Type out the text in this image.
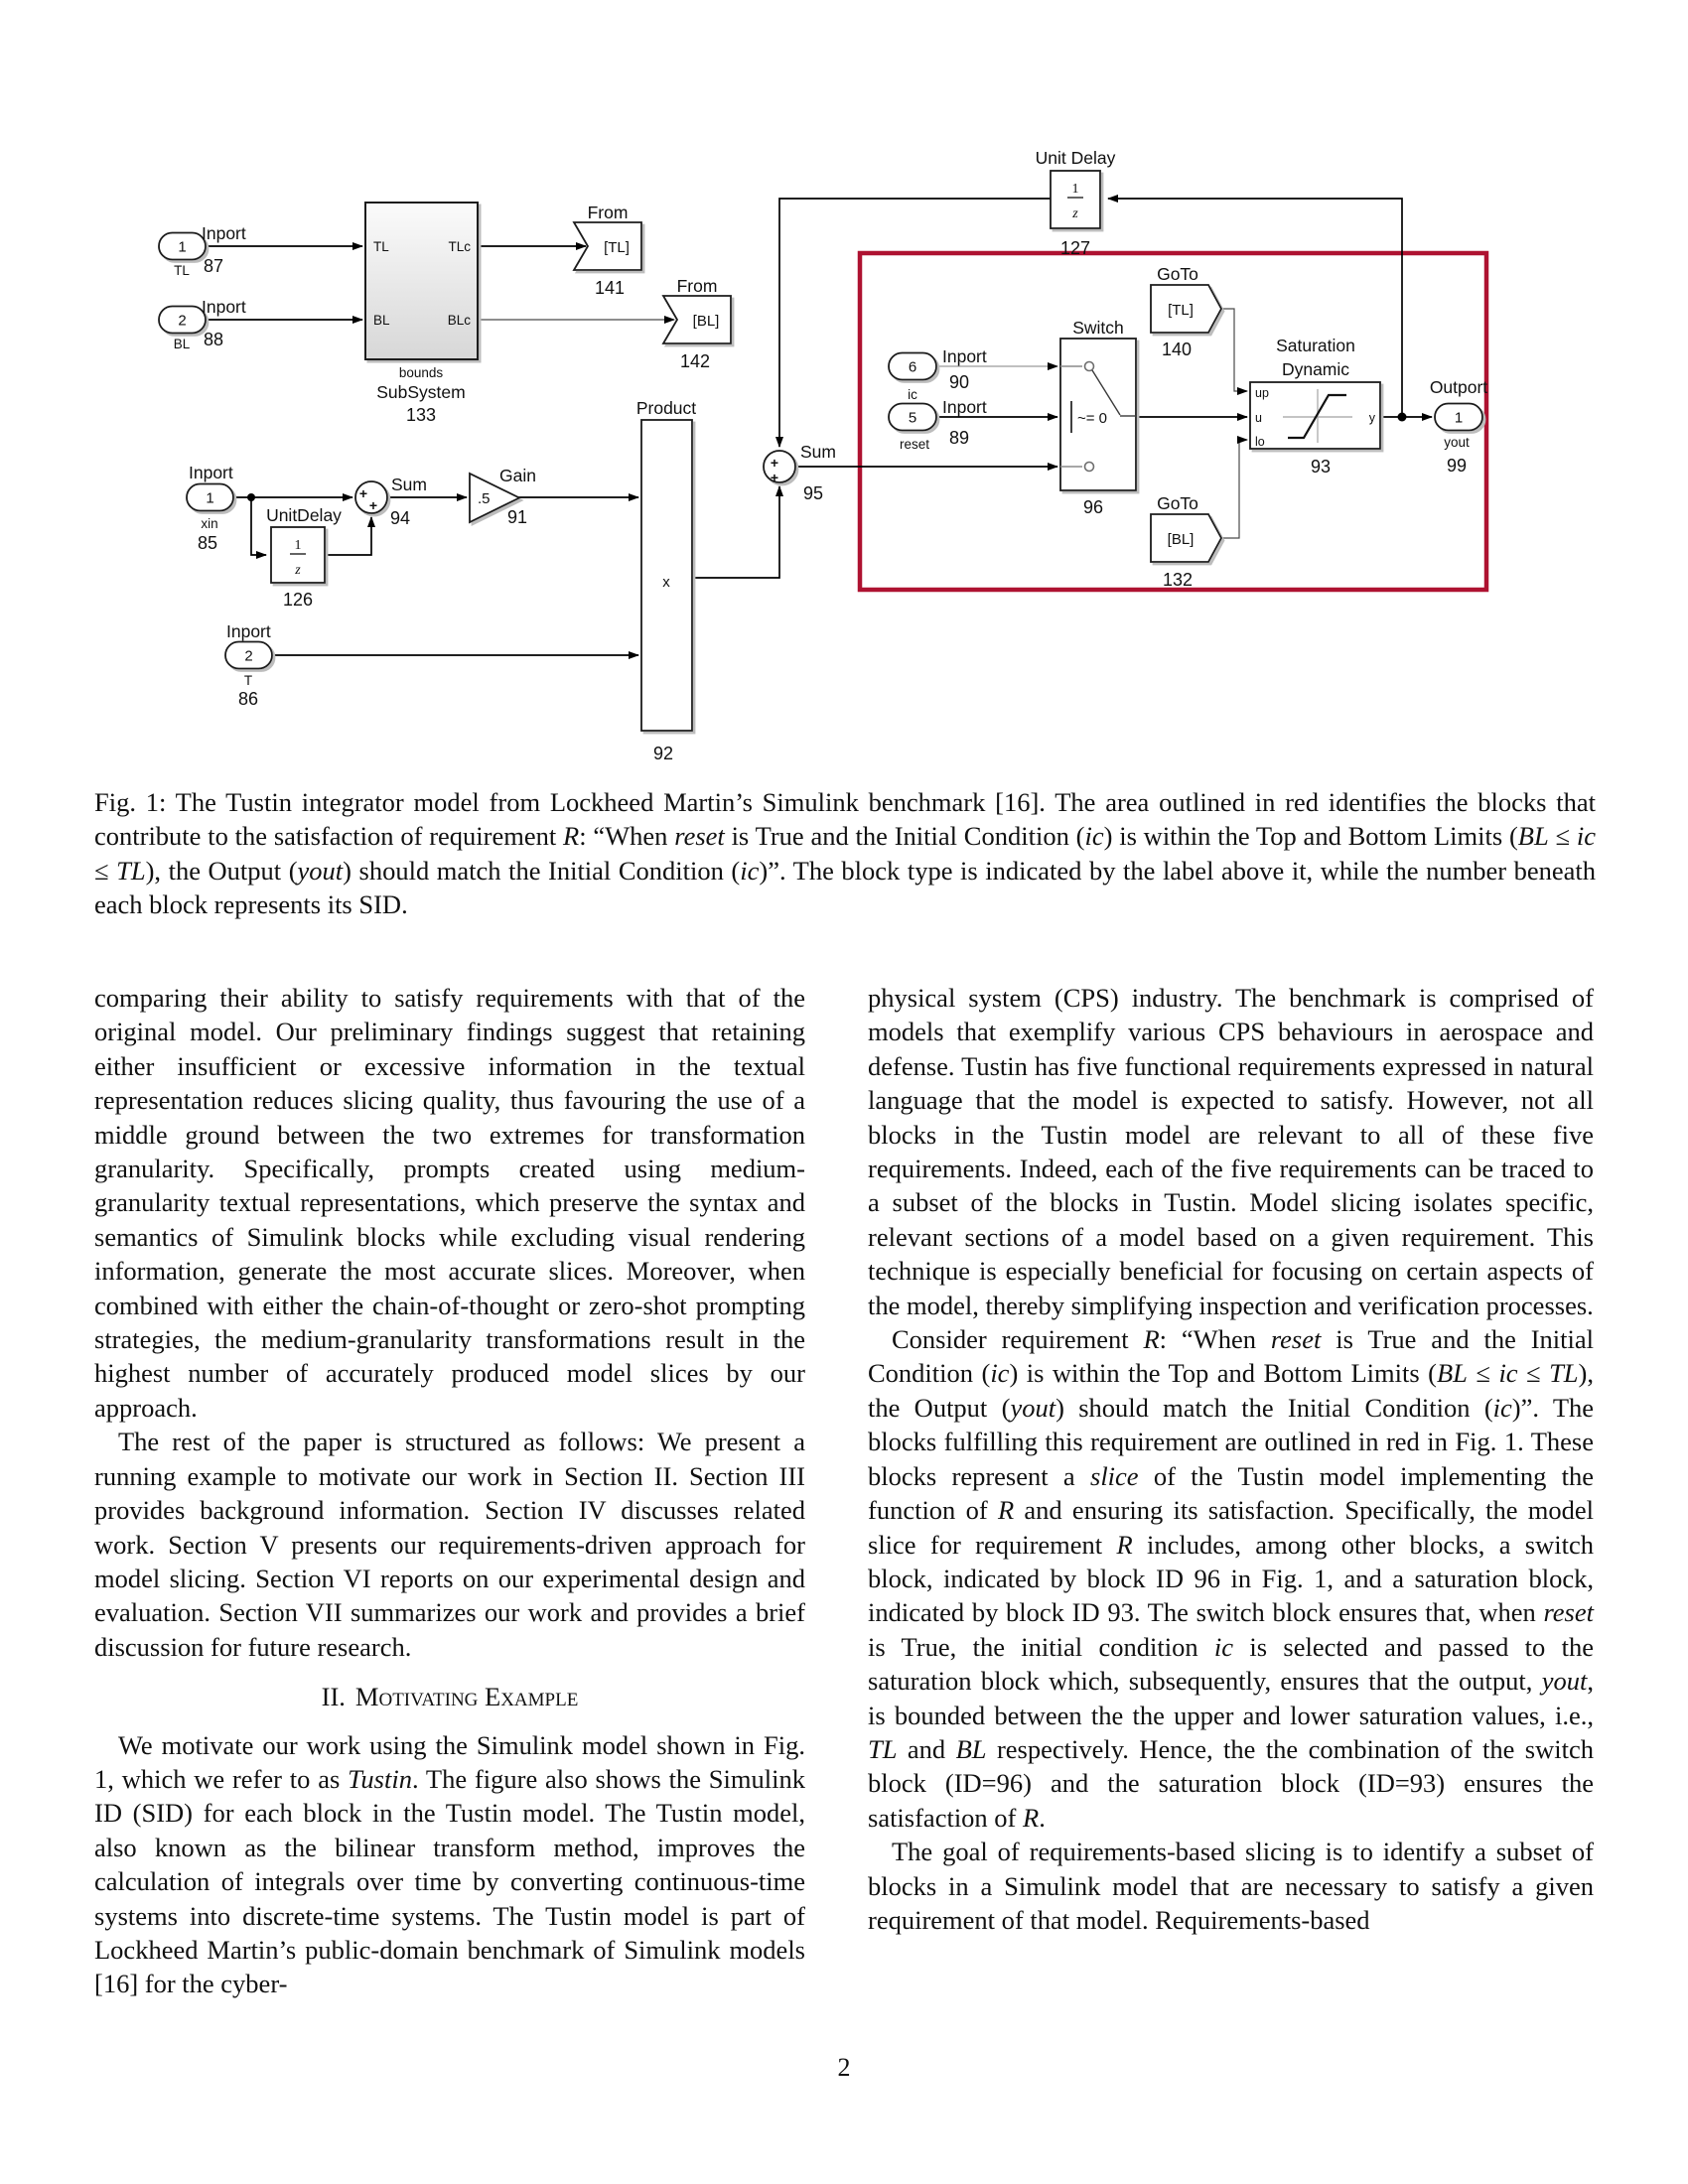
1
Inport
TL 87
2
Inport
BL 88
TL	TLc
BL	BLc
bounds
SubSystem
133
From
[TL]
141	From
[BL]
142
1
z
Unit Delay
127
1
Inport
xin
85	1
z
UnitDelay
126
+
+
Sum
94
.5
Gain
91
2
Inport
T
86
x
Product
92
+
+
Sum
95
6
Inport
ic
90
5
Inport
reset 89
~= 0
Switch
96
GoTo
[TL]
140
GoTo
[BL]
132
up
u
lo
y
Saturation
Dynamic
93
1
Outport
yout
99
Fig. 1: The Tustin integrator model from Lockheed Martin’s Simulink benchmark [16]. The area outlined in red identifies the blocks that contribute to the satisfaction of requirement R: “When reset is True and the Initial Condition (ic) is within the Top and Bottom Limits (BL ≤ ic ≤ TL), the Output (yout) should match the Initial Condition (ic)”. The block type is indicated by the label above it, while the number beneath each block represents its SID.

comparing their ability to satisfy requirements with that of the original model. Our preliminary findings suggest that retaining either insufficient or excessive information in the textual representation reduces slicing quality, thus favouring the use of a middle ground between the two extremes for transformation granularity. Specifically, prompts created using medium-granularity textual representations, which preserve the syntax and semantics of Simulink blocks while excluding visual rendering information, generate the most accurate slices. Moreover, when combined with either the chain-of-thought or zero-shot prompting strategies, the medium-granularity transformations result in the highest number of accurately produced model slices by our approach.

The rest of the paper is structured as follows: We present a running example to motivate our work in Section II. Section III provides background information. Section IV discusses related work. Section V presents our requirements-driven approach for model slicing. Section VI reports on our experimental design and evaluation. Section VII summarizes our work and provides a brief discussion for future research.

II. Motivating Example

We motivate our work using the Simulink model shown in Fig. 1, which we refer to as Tustin. The figure also shows the Simulink ID (SID) for each block in the Tustin model. The Tustin model, also known as the bilinear transform method, improves the calculation of integrals over time by converting continuous-time systems into discrete-time systems. The Tustin model is part of Lockheed Martin’s public-domain benchmark of Simulink models [16] for the cyber-

physical system (CPS) industry. The benchmark is comprised of models that exemplify various CPS behaviours in aerospace and defense. Tustin has five functional requirements expressed in natural language that the model is expected to satisfy. However, not all blocks in the Tustin model are relevant to all of these five requirements. Indeed, each of the five requirements can be traced to a subset of the blocks in Tustin. Model slicing isolates specific, relevant sections of a model based on a given requirement. This technique is especially beneficial for focusing on certain aspects of the model, thereby simplifying inspection and verification processes.

Consider requirement R: “When reset is True and the Initial Condition (ic) is within the Top and Bottom Limits (BL ≤ ic ≤ TL), the Output (yout) should match the Initial Condition (ic)”. The blocks fulfilling this requirement are outlined in red in Fig. 1. These blocks represent a slice of the Tustin model implementing the function of R and ensuring its satisfaction. Specifically, the model slice for requirement R includes, among other blocks, a switch block, indicated by block ID 96 in Fig. 1, and a saturation block, indicated by block ID 93. The switch block ensures that, when reset is True, the initial condition ic is selected and passed to the saturation block which, subsequently, ensures that the output, yout, is bounded between the the upper and lower saturation values, i.e., TL and BL respectively. Hence, the the combination of the switch block (ID=96) and the saturation block (ID=93) ensures the satisfaction of R.

The goal of requirements-based slicing is to identify a subset of blocks in a Simulink model that are necessary to satisfy a given requirement of that model. Requirements-based

2
